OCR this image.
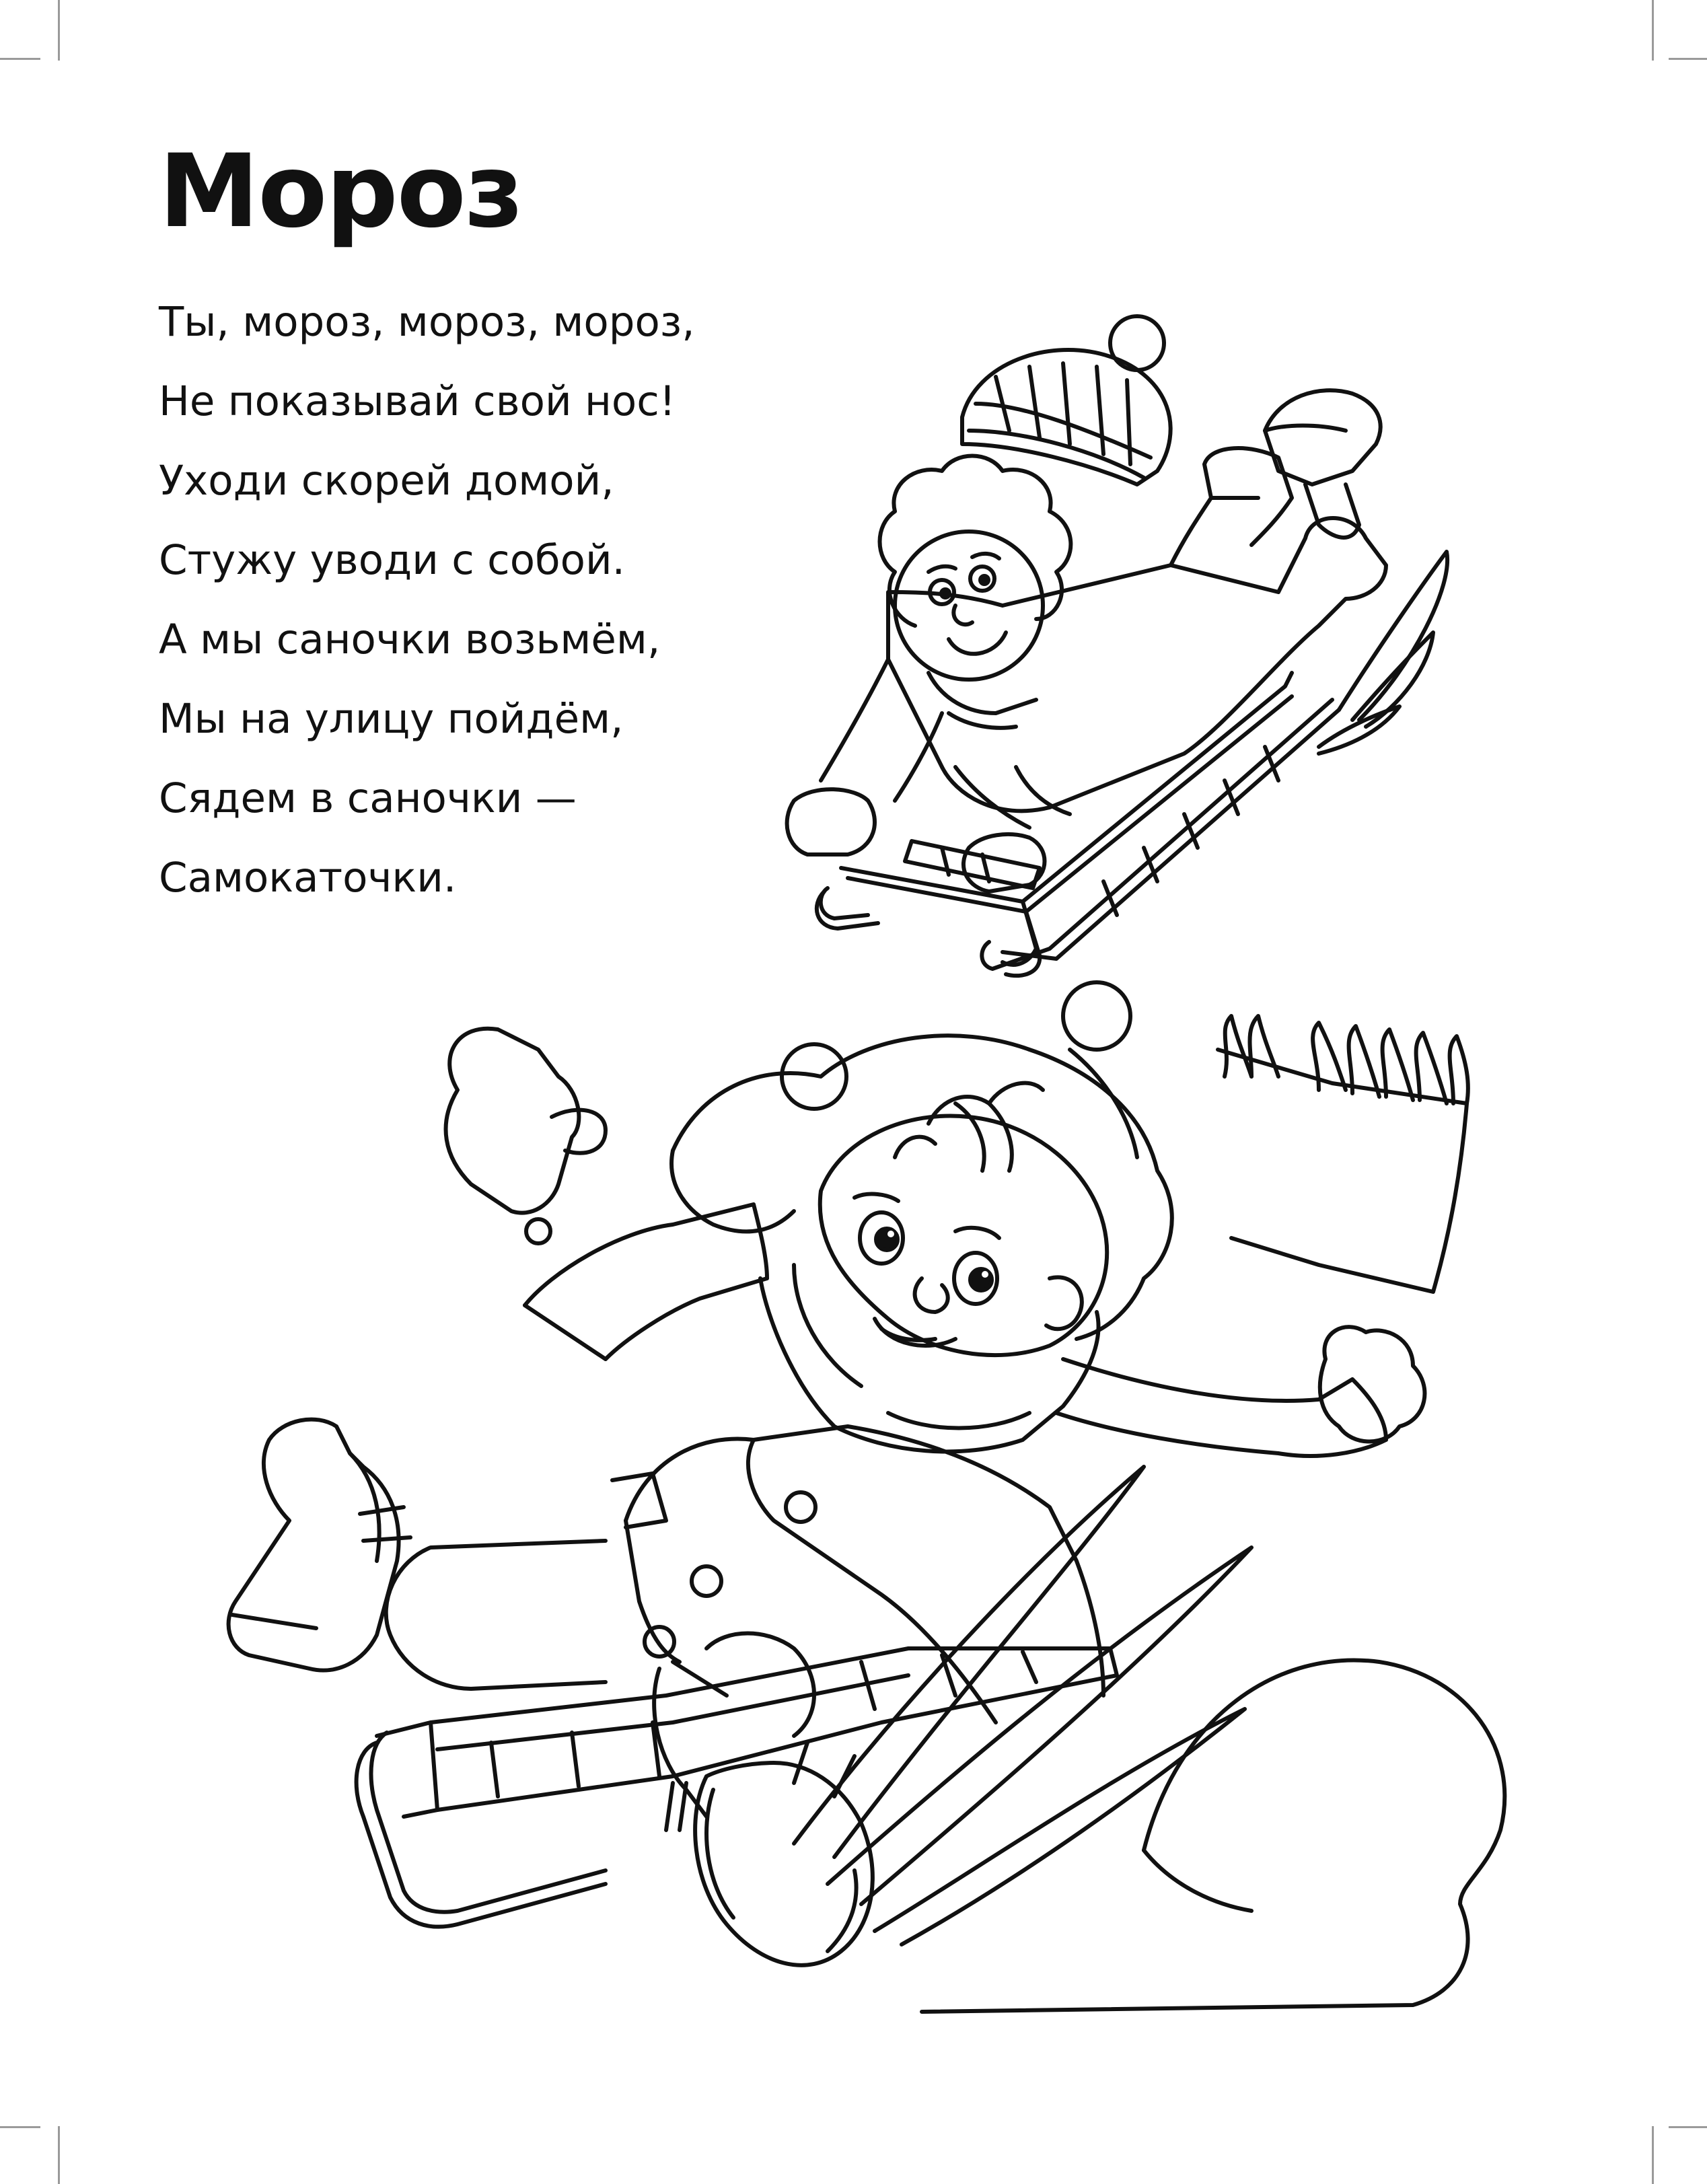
Мороз
Ты, мороз, мороз, мороз,
Не показывай свой нос!
Уходи скорей домой,
Стужу уводи с собой.
А мы саночки возьмём,
Мы на улицу пойдём,
Сядем в саночки —
Самокаточки.
